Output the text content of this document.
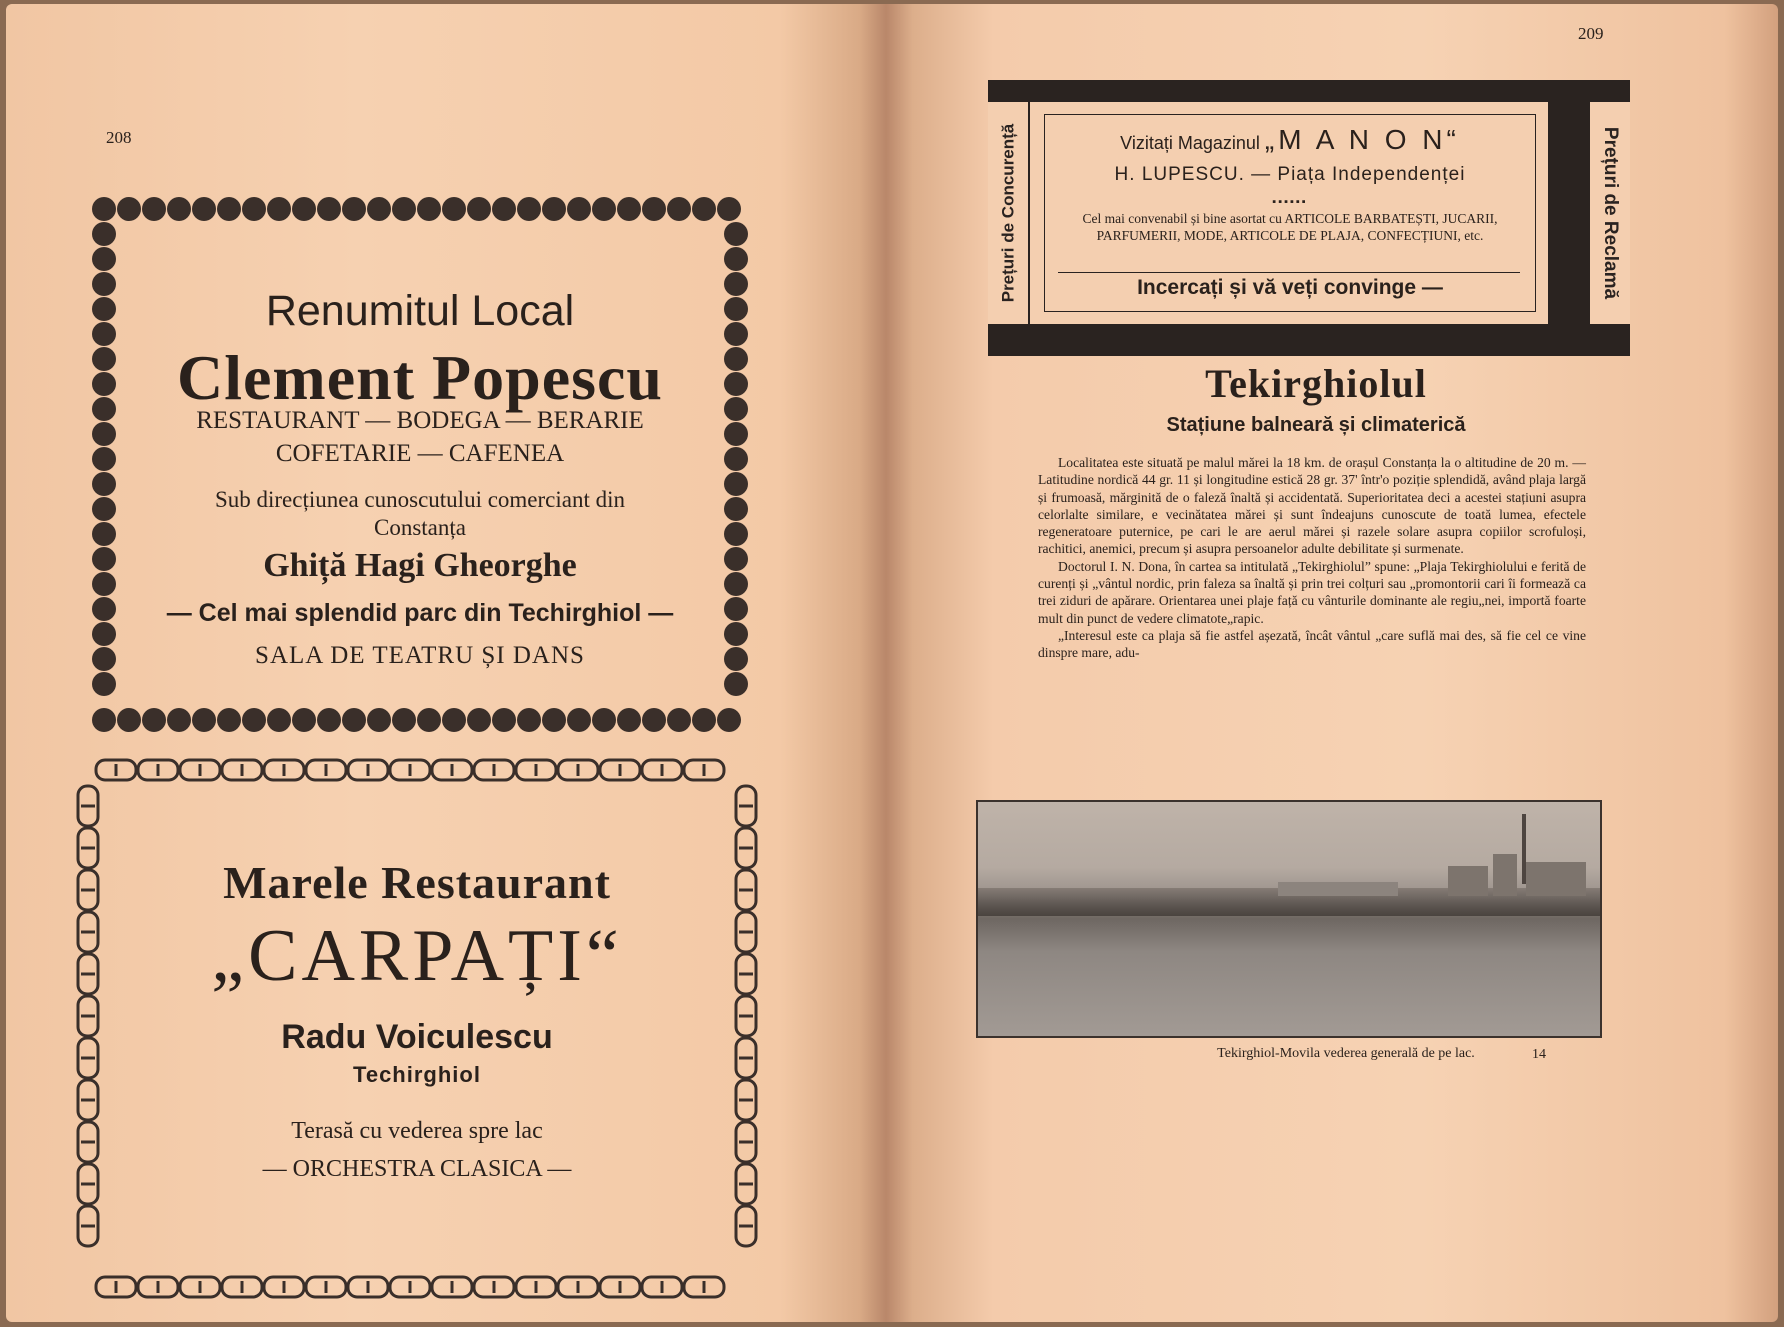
208
Renumitul Local
Clement Popescu
RESTAURANT — BODEGA — BERARIE
COFETARIE — CAFENEA
Sub direcțiunea cunoscutului comerciant din
Constanța
Ghiță Hagi Gheorghe
— Cel mai splendid parc din Techirghiol —
SALA DE TEATRU ȘI DANS
Marele Restaurant
„CARPAȚI“
Radu Voiculescu
Techirghiol
Terasă cu vederea spre lac
— ORCHESTRA CLASICA —
209
Prețuri de Concurență	Prețuri de Reclamă
Vizitați Magazinul „M A N O N“
H. LUPESCU. — Piața Independenței
▪▪▪▪▪▪
Cel mai convenabil și bine asortat cu ARTICOLE BARBATEȘTI, JUCARII, PARFUMERII, MODE, ARTICOLE DE PLAJA, CONFECȚIUNI, etc.
Incercați și vă veți convinge —
Tekirghiolul
Stațiune balneară și climaterică

Localitatea este situată pe malul mărei la 18 km. de orașul Constanța la o altitudine de 20 m. — Latitudine nordică 44 gr. 11 și longitudine estică 28 gr. 37' într'o poziție splendidă, având plaja largă și frumoasă, mărginită de o faleză înaltă și accidentată. Superioritatea deci a acestei stațiuni asupra celorlalte similare, e vecinătatea mărei și sunt îndeajuns cunoscute de toată lumea, efectele regeneratoare puternice, pe cari le are aerul mărei și razele solare asupra copiilor scrofuloși, rachitici, anemici, precum și asupra persoanelor adulte debilitate și surmenate.

Doctorul I. N. Dona, în cartea sa intitulată „Tekirghiolul” spune: „Plaja Tekirghiolului e ferită de curenți și „vântul nordic, prin faleza sa înaltă și prin trei colțuri sau „promontorii cari îi formează ca trei ziduri de apărare. Orientarea unei plaje față cu vânturile dominante ale regiu„nei, importă foarte mult din punct de vedere climatote„rapic.

„Interesul este ca plaja să fie astfel așezată, încât vântul „care suflă mai des, să fie cel ce vine dinspre mare, adu-

Tekirghiol-Movila vederea generală de pe lac.	14
